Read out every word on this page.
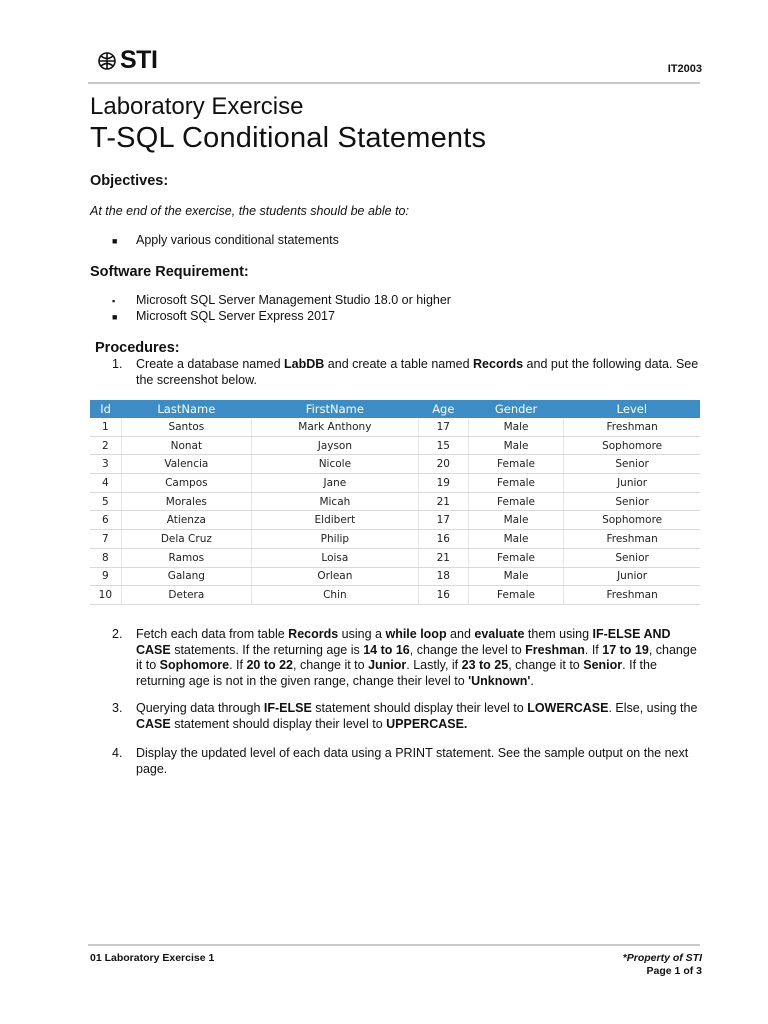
STI	IT2003
Laboratory Exercise
T-SQL Conditional Statements
Objectives:
At the end of the exercise, the students should be able to:
■	Apply various conditional statements
Software Requirement:
▪	Microsoft SQL Server Management Studio 18.0 or higher
■	Microsoft SQL Server Express 2017
Procedures:
1.	Create a database named LabDB and create a table named Records and put the following data. See the screenshot below.
Id	LastName	FirstName	Age	Gender	Level
1	Santos	Mark Anthony	17	Male	Freshman
2	Nonat	Jayson	15	Male	Sophomore
3	Valencia	Nicole	20	Female	Senior
4	Campos	Jane	19	Female	Junior
5	Morales	Micah	21	Female	Senior
6	Atienza	Eldibert	17	Male	Sophomore
7	Dela Cruz	Philip	16	Male	Freshman
8	Ramos	Loisa	21	Female	Senior
9	Galang	Orlean	18	Male	Junior
10	Detera	Chin	16	Female	Freshman
2.	Fetch each data from table Records using a while loop and evaluate them using IF-ELSE AND CASE statements. If the returning age is 14 to 16, change the level to Freshman. If 17 to 19, change it to Sophomore. If 20 to 22, change it to Junior. Lastly, if 23 to 25, change it to Senior. If the returning age is not in the given range, change their level to 'Unknown'.
3.	Querying data through IF-ELSE statement should display their level to LOWERCASE. Else, using the CASE statement should display their level to UPPERCASE.
4.	Display the updated level of each data using a PRINT statement. See the sample output on the next page.
01 Laboratory Exercise 1	*Property of STI
Page 1 of 3
